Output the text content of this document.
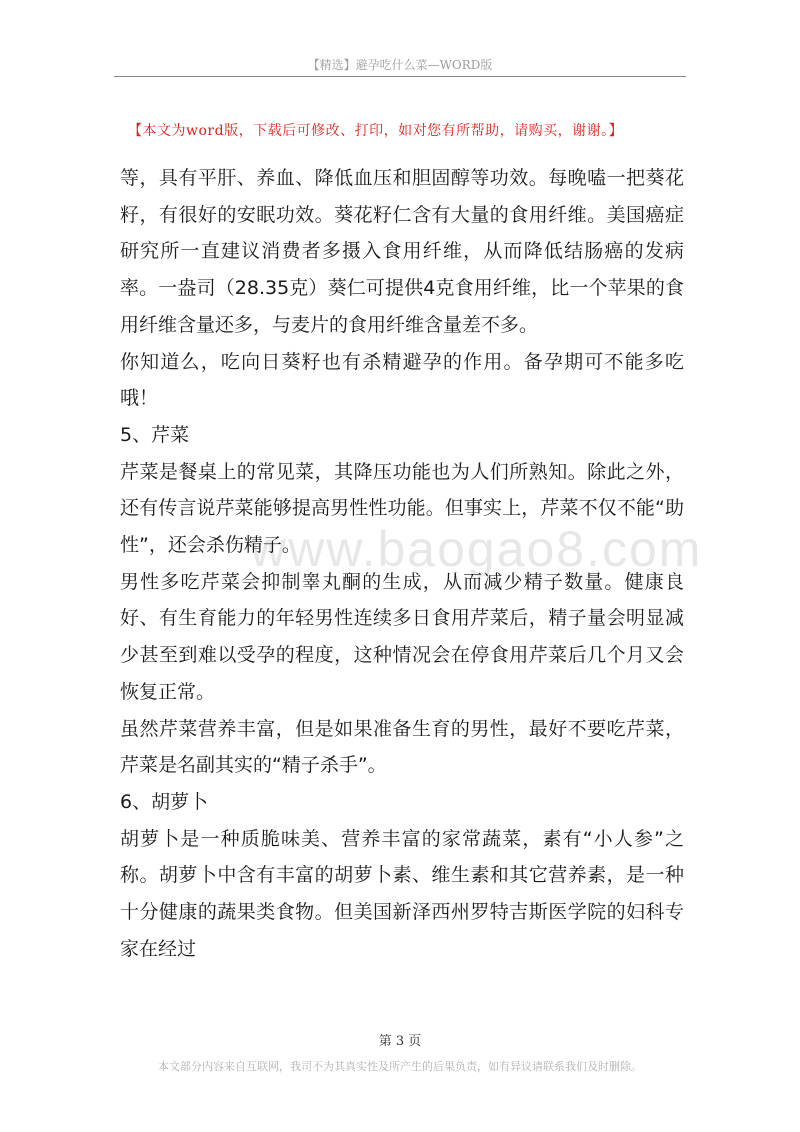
【精选】避孕吃什么菜—WORD版
【本文为word版，下载后可修改、打印，如对您有所帮助，请购买，谢谢。】
www.baogao8.com

等，具有平肝、养血、降低血压和胆固醇等功效。每晚嗑一把葵花籽，有很好的安眠功效。葵花籽仁含有大量的食用纤维。美国癌症研究所一直建议消费者多摄入食用纤维，从而降低结肠癌的发病率。一盎司（28.35克）葵仁可提供4克食用纤维，比一个苹果的食用纤维含量还多，与麦片的食用纤维含量差不多。

你知道么，吃向日葵籽也有杀精避孕的作用。备孕期可不能多吃哦！

5、芹菜

芹菜是餐桌上的常见菜，其降压功能也为人们所熟知。除此之外，还有传言说芹菜能够提高男性性功能。但事实上，芹菜不仅不能“助性”，还会杀伤精子。

男性多吃芹菜会抑制睾丸酮的生成，从而减少精子数量。健康良好、有生育能力的年轻男性连续多日食用芹菜后，精子量会明显减少甚至到难以受孕的程度，这种情况会在停食用芹菜后几个月又会恢复正常。

虽然芹菜营养丰富，但是如果准备生育的男性，最好不要吃芹菜，芹菜是名副其实的“精子杀手”。

6、胡萝卜

胡萝卜是一种质脆味美、营养丰富的家常蔬菜，素有“小人参”之称。胡萝卜中含有丰富的胡萝卜素、维生素和其它营养素，是一种十分健康的蔬果类食物。但美国新泽西州罗特吉斯医学院的妇科专家在经过

第 3 页
本文部分内容来自互联网，我司不为其真实性及所产生的后果负责，如有异议请联系我们及时删除。
